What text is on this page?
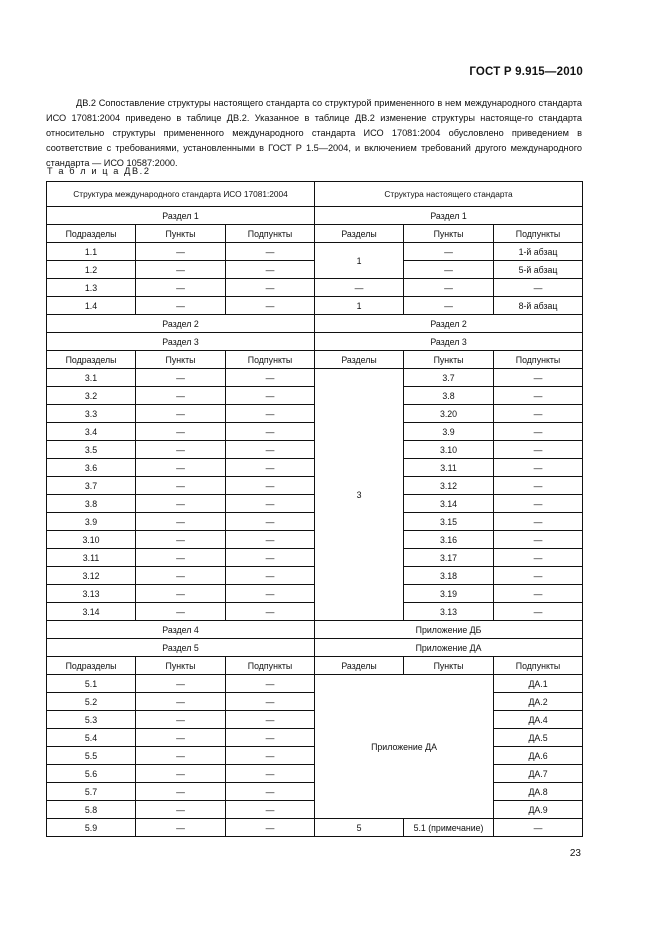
ГОСТ Р 9.915—2010

ДВ.2 Сопоставление структуры настоящего стандарта со структурой примененного в нем международного стандарта ИСО 17081:2004 приведено в таблице ДВ.2. Указанное в таблице ДВ.2 изменение структуры настояще-го стандарта относительно структуры примененного международного стандарта ИСО 17081:2004 обусловлено приведением в соответствие с требованиями, установленными в ГОСТ Р 1.5—2004, и включением требований другого международного стандарта — ИСО 10587:2000.

Т а б л и ц а ДВ.2
Структура международного стандарта ИСО 17081:2004			Структура настоящего стандарта		
Раздел 1			Раздел 1		
Подразделы	Пункты	Подпункты	Разделы	Пункты	Подпункты
1.1	—	—	1	—	1-й абзац
1.2	—	—		—	5-й абзац
1.3	—	—	—	—	—
1.4	—	—	1	—	8-й абзац
Раздел 2			Раздел 2		
Раздел 3			Раздел 3		
Подразделы	Пункты	Подпункты	Разделы	Пункты	Подпункты
3.1	—	—	3	3.7	—
3.2	—	—		3.8	—
3.3	—	—		3.20	—
3.4	—	—		3.9	—
3.5	—	—		3.10	—
3.6	—	—		3.11	—
3.7	—	—		3.12	—
3.8	—	—		3.14	—
3.9	—	—		3.15	—
3.10	—	—		3.16	—
3.11	—	—		3.17	—
3.12	—	—		3.18	—
3.13	—	—		3.19	—
3.14	—	—		3.13	—
Раздел 4			Приложение ДБ		
Раздел 5			Приложение ДА		
Подразделы	Пункты	Подпункты	Разделы	Пункты	Подпункты
5.1	—	—	Приложение ДА		ДА.1
5.2	—	—			ДА.2
5.3	—	—			ДА.4
5.4	—	—			ДА.5
5.5	—	—			ДА.6
5.6	—	—			ДА.7
5.7	—	—			ДА.8
5.8	—	—			ДА.9
5.9	—	—	5	5.1 (примечание)	—
23
